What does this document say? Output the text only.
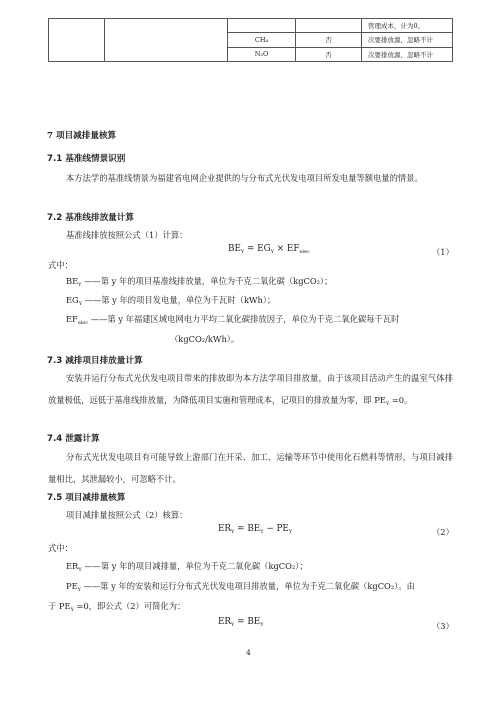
				管理成本，计为0。
		CH₄	否	次要排放源，忽略不计
		N₂O	否	次要排放源，忽略不计
7 项目减排量核算
7.1 基准线情景识别
本方法学的基准线情景为福建省电网企业提供的与分布式光伏发电项目所发电量等额电量的情景。
7.2 基准线排放量计算
基准线排放按照公式（1）计算：
$BE_Y = EG_Y \times EF_{elec}$	（1）
式中：
$BE_Y$ ——第 y 年的项目基准线排放量，单位为千克二氧化碳（kgCO₂）；
$EG_Y$ ——第 y 年的项目发电量，单位为千瓦时（kWh）；
$EF_{elec}$ ——第 y 年福建区域电网电力平均二氧化碳排放因子，单位为千克二氧化碳每千瓦时
（kgCO₂/kWh）。
7.3 减排项目排放量计算
安装并运行分布式光伏发电项目带来的排放即为本方法学项目排放量，由于该项目活动产生的温室气体排放量极低，远低于基准线排放量，为降低项目实施和管理成本，记项目的排放量为零，即 $PE_Y =0$。
7.4 泄露计算
分布式光伏发电项目有可能导致上游部门在开采、加工、运输等环节中使用化石燃料等情形，与项目减排量相比，其泄漏较小，可忽略不计。
7.5 项目减排量核算
项目减排量按照公式（2）核算：
$ER_Y = BE_Y - PE_Y$	（2）
式中：
$ER_Y$ ——第 y 年的项目减排量，单位为千克二氧化碳（kgCO₂）；
$PE_Y$ ——第 y 年的安装和运行分布式光伏发电项目排放量，单位为千克二氧化碳（kgCO₂）。由
于 $PE_Y =0$，即公式（2）可简化为：
$ER_Y = BE_Y$	（3）
4
